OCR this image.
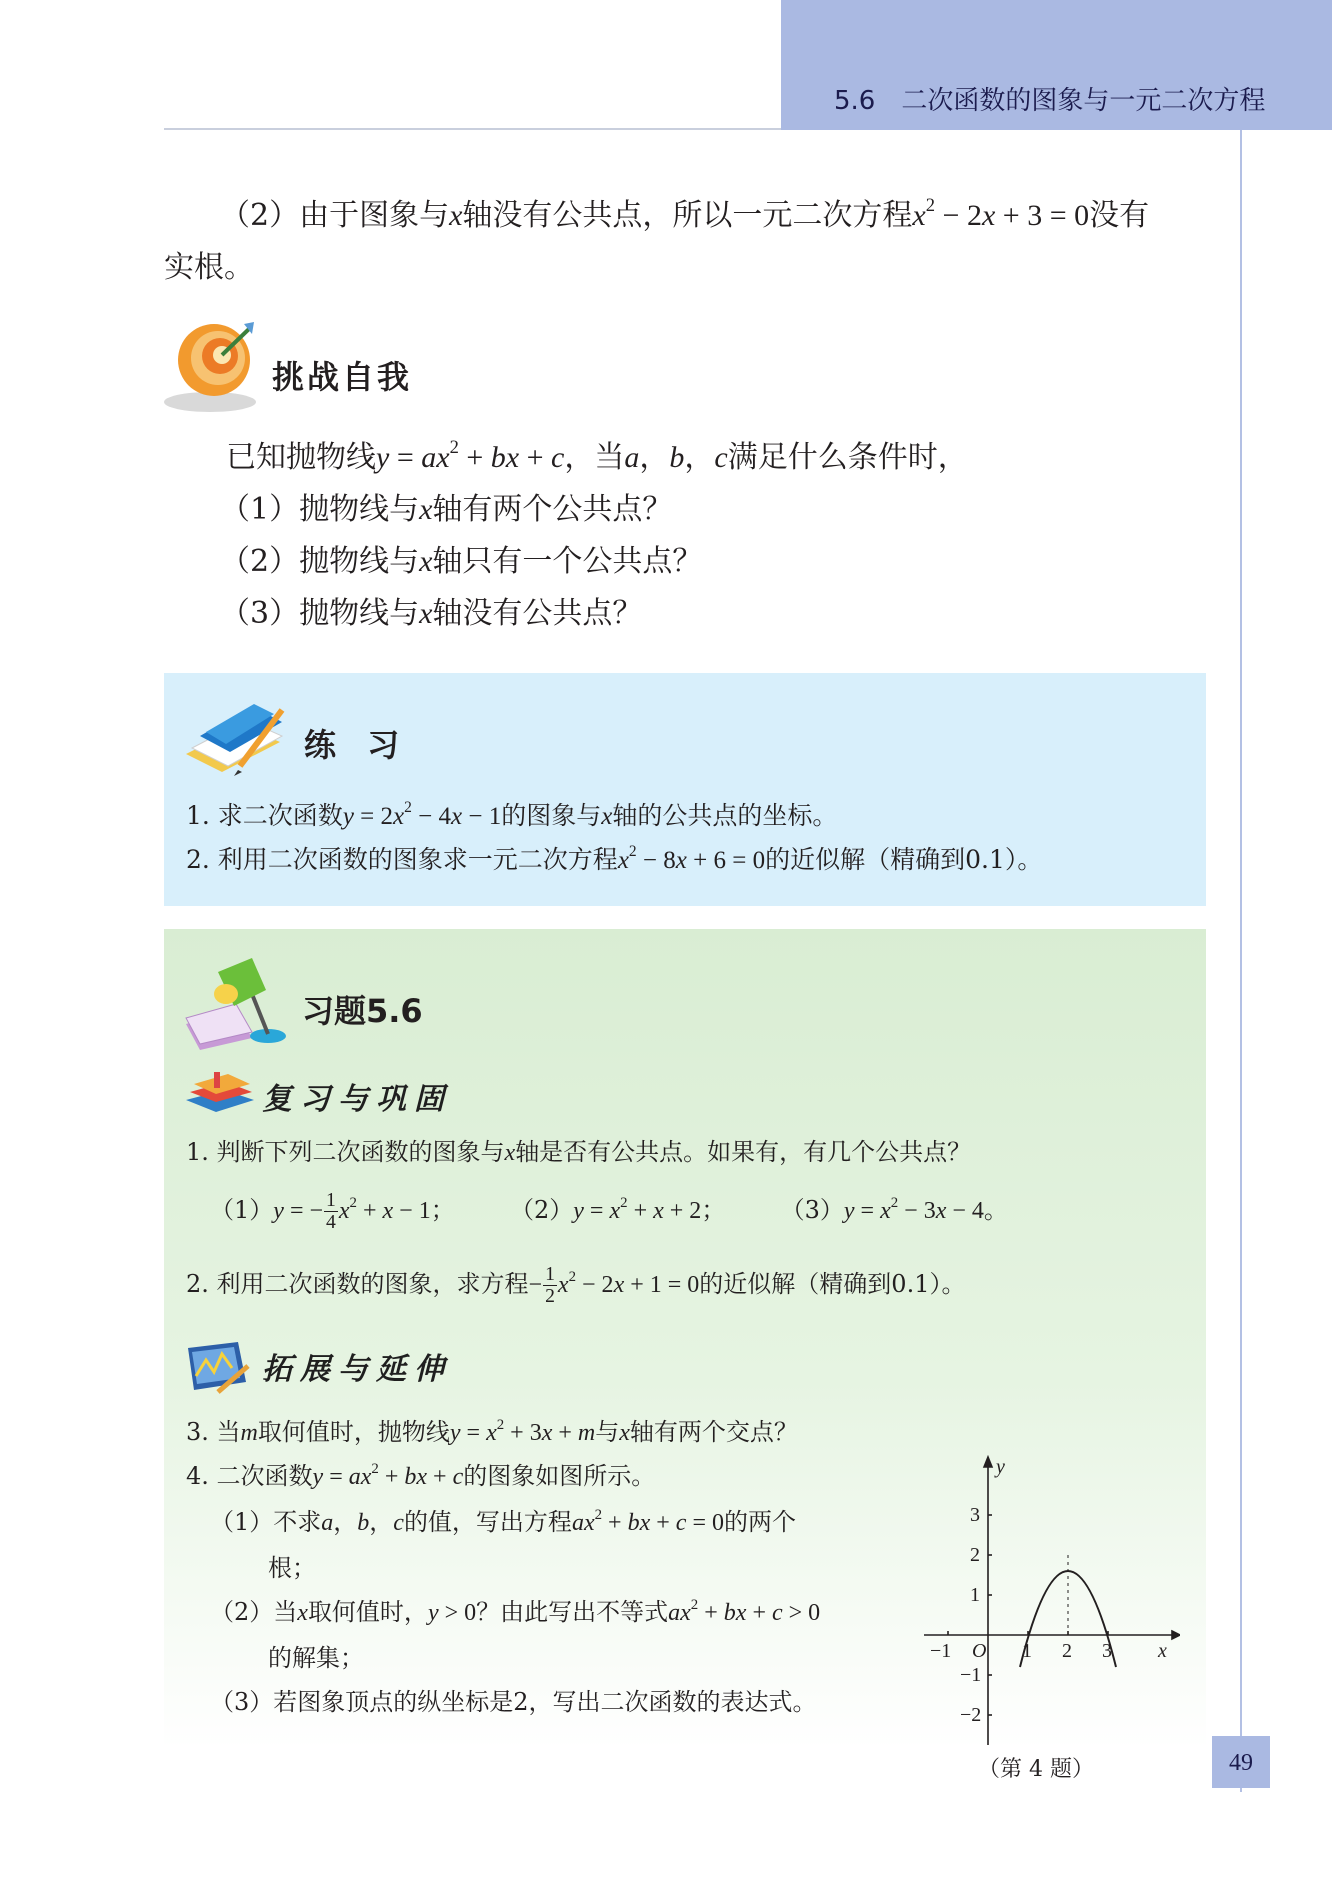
5.6　二次函数的图象与一元二次方程
（2）由于图象与x轴没有公共点，所以一元二次方程$x^2 - 2x + 3 = 0$没有
实根。
挑战自我
已知抛物线$y = ax^2$ + bx + c，当a，b，c满足什么条件时，
（1）抛物线与x轴有两个公共点？
（2）抛物线与x轴只有一个公共点？
（3）抛物线与x轴没有公共点？
练 习
1. 求二次函数$y = 2x^2 - 4x - 1$的图象与x轴的公共点的坐标。
2. 利用二次函数的图象求一元二次方程$x^2 - 8x + 6 = 0$的近似解（精确到0.1）。
习题5.6
复习与巩固
1. 判断下列二次函数的图象与x轴是否有公共点。如果有，有几个公共点？
（1）y = − $\frac{1}{4} x^2 + x - 1$；  $(2)y = x^2 + x + 2$；  $(3)y = x^2 - 3x - 4$。
2. 利用二次函数的图象，求方程− $\frac{1}{2} x^2 - 2x + 1 = 0$的近似解（精确到0.1）。
拓展与延伸
3. 当m取何值时，抛物线$y = x^2 + 3x + m$与x轴有两个交点？
4. 二次函数$y = ax^2$ + bx + c的图象如图所示。
（1）不求a，b，c的值，写出方程$ax^2$ + bx + c = 0的两个
根；
（2）当x取何值时，y > 0？由此写出不等式$ax^2$ + bx + c > 0
的解集；
（3）若图象顶点的纵坐标是2，写出二次函数的表达式。
x
y
O
−1	1 2 3
3
2
1
−1
−2
（第 4 题）	49
